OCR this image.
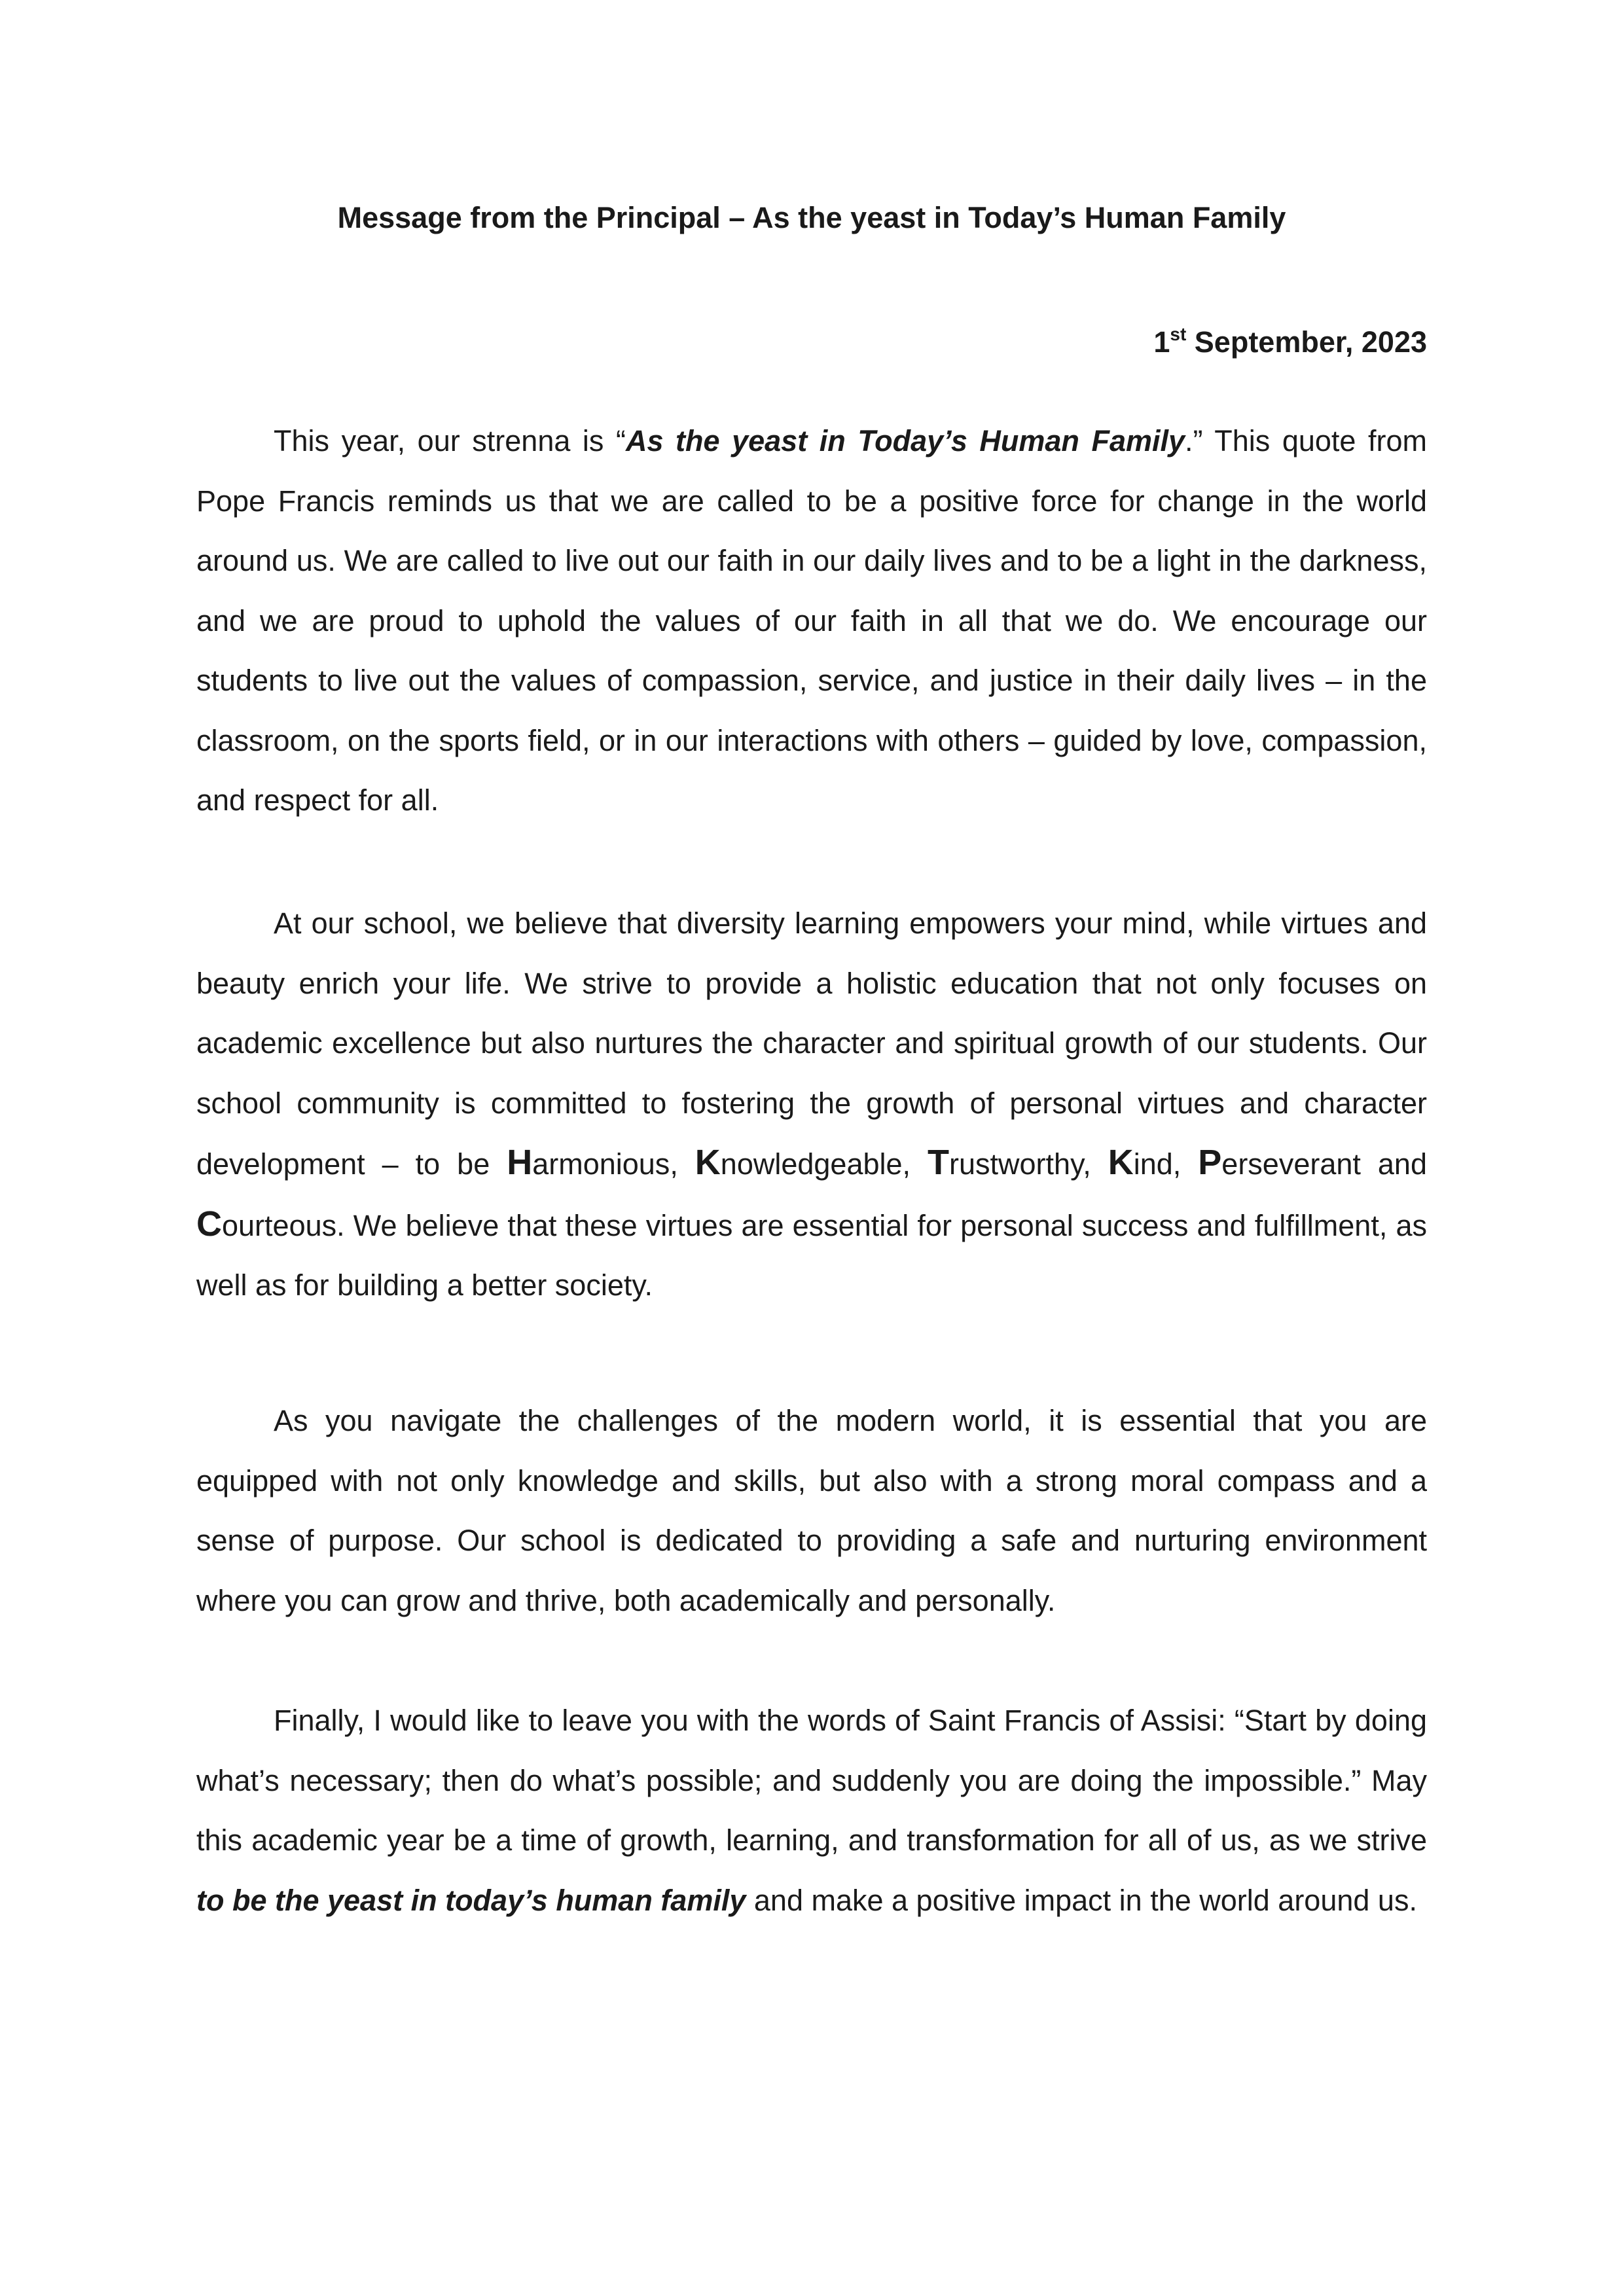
Message from the Principal – As the yeast in Today’s Human Family

1st September, 2023

This year, our strenna is “As the yeast in Today’s Human Family.” This quote from Pope Francis reminds us that we are called to be a positive force for change in the world around us. We are called to live out our faith in our daily lives and to be a light in the darkness, and we are proud to uphold the values of our faith in all that we do. We encourage our students to live out the values of compassion, service, and justice in their daily lives – in the classroom, on the sports field, or in our interactions with others – guided by love, compassion, and respect for all.

At our school, we believe that diversity learning empowers your mind, while virtues and beauty enrich your life. We strive to provide a holistic education that not only focuses on academic excellence but also nurtures the character and spiritual growth of our students. Our school community is committed to fostering the growth of personal virtues and character development – to be Harmonious, Knowledgeable, Trustworthy, Kind, Perseverant and Courteous. We believe that these virtues are essential for personal success and fulfillment, as well as for building a better society.

As you navigate the challenges of the modern world, it is essential that you are equipped with not only knowledge and skills, but also with a strong moral compass and a sense of purpose. Our school is dedicated to providing a safe and nurturing environment where you can grow and thrive, both academically and personally.

Finally, I would like to leave you with the words of Saint Francis of Assisi: “Start by doing what’s necessary; then do what’s possible; and suddenly you are doing the impossible.” May this academic year be a time of growth, learning, and transformation for all of us, as we strive to be the yeast in today’s human family and make a positive impact in the world around us.
